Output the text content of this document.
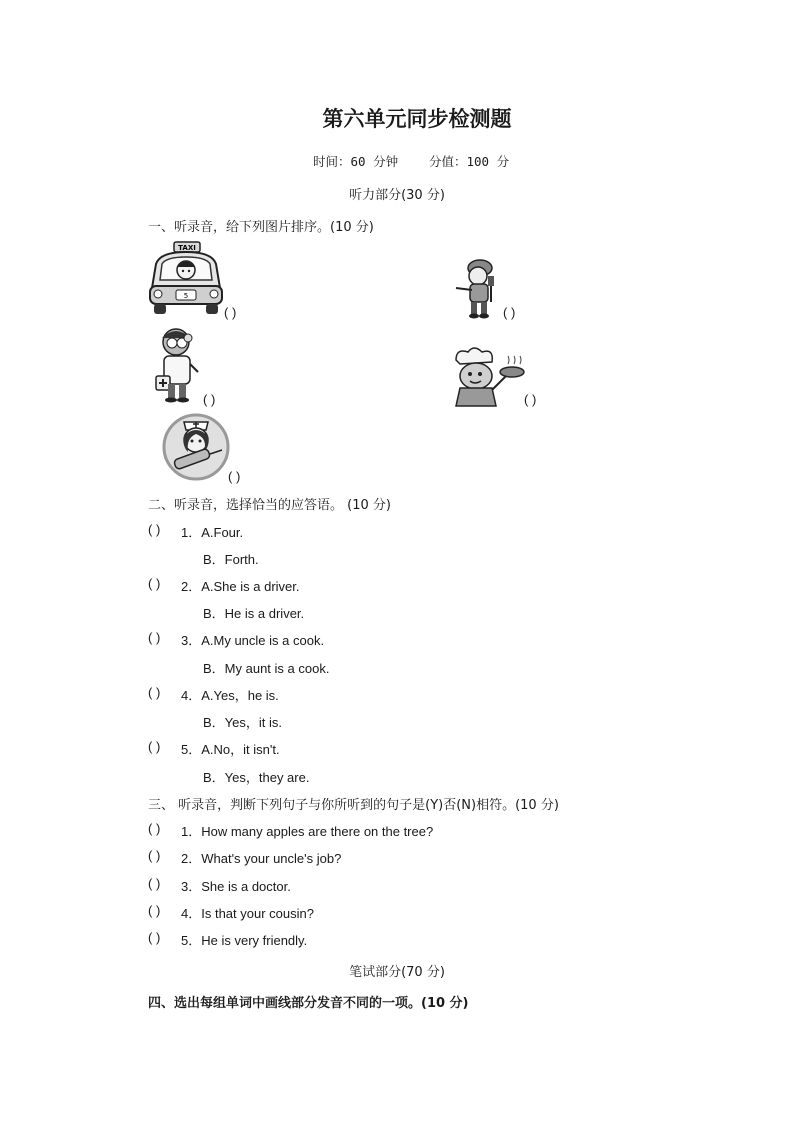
第六单元同步检测题
时间：60 分钟 分值：100 分
听力部分(30 分)
一、听录音，给下列图片排序。(10 分)
TAXI
5
( )	( )
( )	( )
( )
二、听录音，选择恰当的应答语。 (10 分)
( ) 1．A.Four.
B．Forth.
( ) 2．A.She is a driver.
B．He is a driver.
( ) 3．A.My uncle is a cook.
B．My aunt is a cook.
( ) 4．A.Yes，he is.
B．Yes，it is.
( ) 5．A.No，it isn't.
B．Yes，they are.
三、 听录音，判断下列句子与你所听到的句子是(Y)否(N)相符。(10 分)
( ) 1．How many apples are there on the tree?
( ) 2．What's your uncle's job?
( ) 3．She is a doctor.
( ) 4．Is that your cousin?
( ) 5．He is very friendly.
笔试部分(70 分)
四、选出每组单词中画线部分发音不同的一项。(10 分)
